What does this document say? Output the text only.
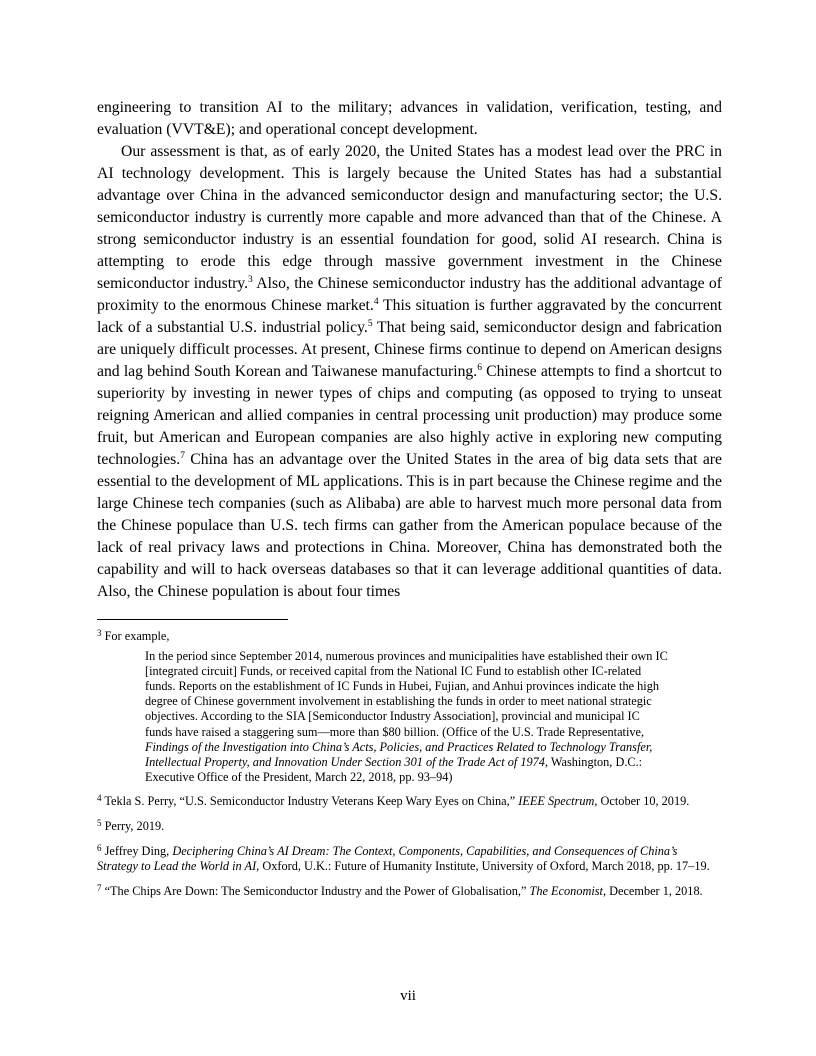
engineering to transition AI to the military; advances in validation, verification, testing, and evaluation (VVT&E); and operational concept development.

Our assessment is that, as of early 2020, the United States has a modest lead over the PRC in AI technology development. This is largely because the United States has had a substantial advantage over China in the advanced semiconductor design and manufacturing sector; the U.S. semiconductor industry is currently more capable and more advanced than that of the Chinese. A strong semiconductor industry is an essential foundation for good, solid AI research. China is attempting to erode this edge through massive government investment in the Chinese semiconductor industry.$^3$ Also, the Chinese semiconductor industry has the additional advantage of proximity to the enormous Chinese market.$^4$ This situation is further aggravated by the concurrent lack of a substantial U.S. industrial policy.$^5$ That being said, semiconductor design and fabrication are uniquely difficult processes. At present, Chinese firms continue to depend on American designs and lag behind South Korean and Taiwanese manufacturing.$^6$ Chinese attempts to find a shortcut to superiority by investing in newer types of chips and computing (as opposed to trying to unseat reigning American and allied companies in central processing unit production) may produce some fruit, but American and European companies are also highly active in exploring new computing technologies.$^7$ China has an advantage over the United States in the area of big data sets that are essential to the development of ML applications. This is in part because the Chinese regime and the large Chinese tech companies (such as Alibaba) are able to harvest much more personal data from the Chinese populace than U.S. tech firms can gather from the American populace because of the lack of real privacy laws and protections in China. Moreover, China has demonstrated both the capability and will to hack overseas databases so that it can leverage additional quantities of data. Also, the Chinese population is about four times

$^3$ For example,
In the period since September 2014, numerous provinces and municipalities have established their own IC [integrated circuit] Funds, or received capital from the National IC Fund to establish other IC-related funds. Reports on the establishment of IC Funds in Hubei, Fujian, and Anhui provinces indicate the high degree of Chinese government involvement in establishing the funds in order to meet national strategic objectives. According to the SIA [Semiconductor Industry Association], provincial and municipal IC funds have raised a staggering sum—more than $80 billion. (Office of the U.S. Trade Representative, Findings of the Investigation into China’s Acts, Policies, and Practices Related to Technology Transfer, Intellectual Property, and Innovation Under Section 301 of the Trade Act of 1974, Washington, D.C.: Executive Office of the President, March 22, 2018, pp. 93–94)
$^4$ Tekla S. Perry, “U.S. Semiconductor Industry Veterans Keep Wary Eyes on China,” IEEE Spectrum, October 10, 2019.
$^5$ Perry, 2019.
$^6$ Jeffrey Ding, Deciphering China’s AI Dream: The Context, Components, Capabilities, and Consequences of China’s Strategy to Lead the World in AI, Oxford, U.K.: Future of Humanity Institute, University of Oxford, March 2018, pp. 17–19.
$^7$ “The Chips Are Down: The Semiconductor Industry and the Power of Globalisation,” The Economist, December 1, 2018.
vii
